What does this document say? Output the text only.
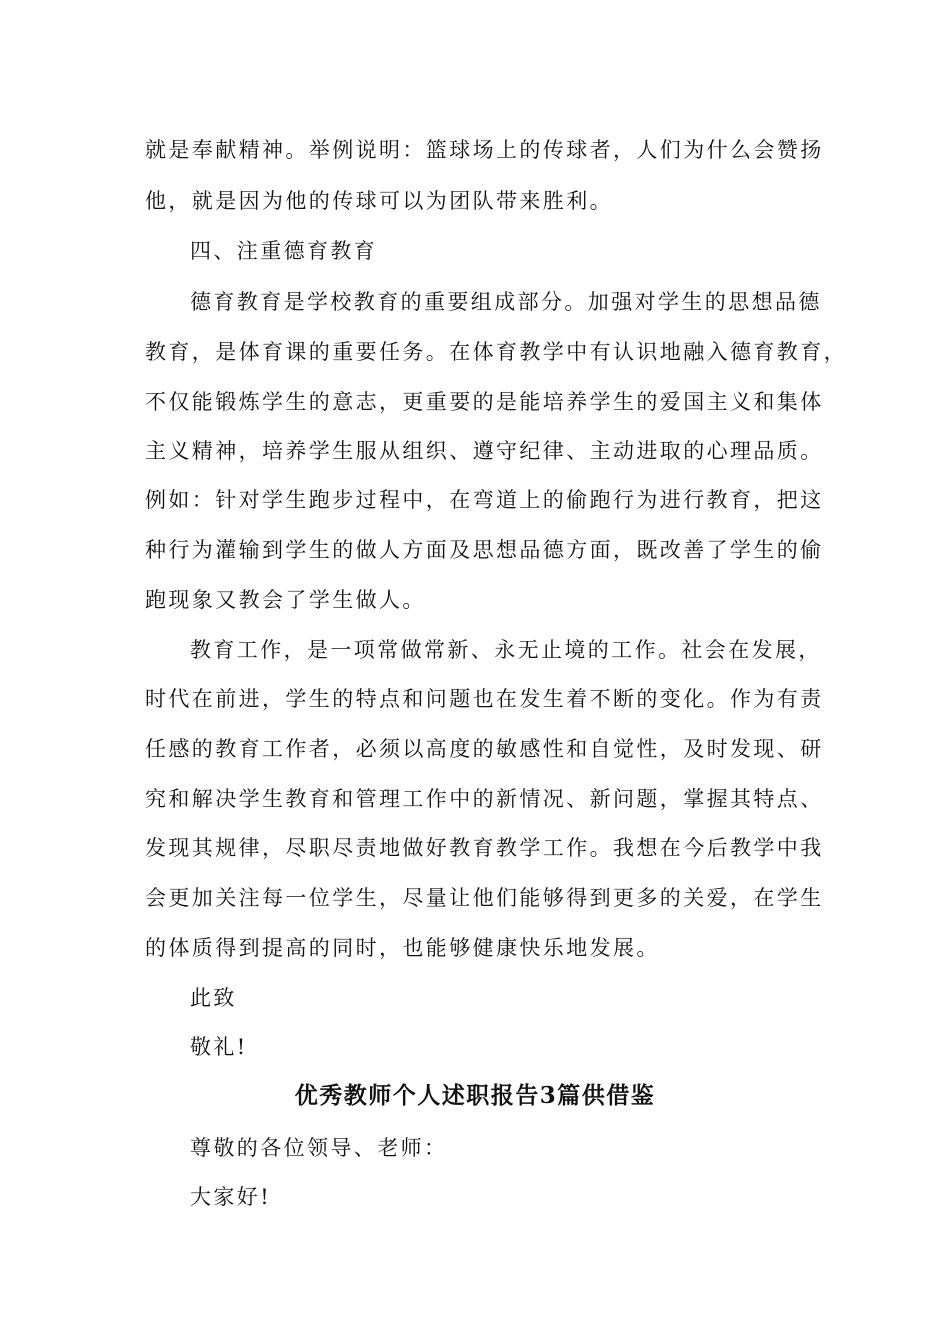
就是奉献精神。举例说明：篮球场上的传球者，人们为什么会赞扬
他，就是因为他的传球可以为团队带来胜利。
四、注重德育教育
德育教育是学校教育的重要组成部分。加强对学生的思想品德
教育，是体育课的重要任务。在体育教学中有认识地融入德育教育，
不仅能锻炼学生的意志，更重要的是能培养学生的爱国主义和集体
主义精神，培养学生服从组织、遵守纪律、主动进取的心理品质。
例如：针对学生跑步过程中，在弯道上的偷跑行为进行教育，把这
种行为灌输到学生的做人方面及思想品德方面，既改善了学生的偷
跑现象又教会了学生做人。
教育工作，是一项常做常新、永无止境的工作。社会在发展，
时代在前进，学生的特点和问题也在发生着不断的变化。作为有责
任感的教育工作者，必须以高度的敏感性和自觉性，及时发现、研
究和解决学生教育和管理工作中的新情况、新问题，掌握其特点、
发现其规律，尽职尽责地做好教育教学工作。我想在今后教学中我
会更加关注每一位学生，尽量让他们能够得到更多的关爱，在学生
的体质得到提高的同时，也能够健康快乐地发展。
此致
敬礼!
优秀教师个人述职报告3篇供借鉴
尊敬的各位领导、老师：
大家好!
